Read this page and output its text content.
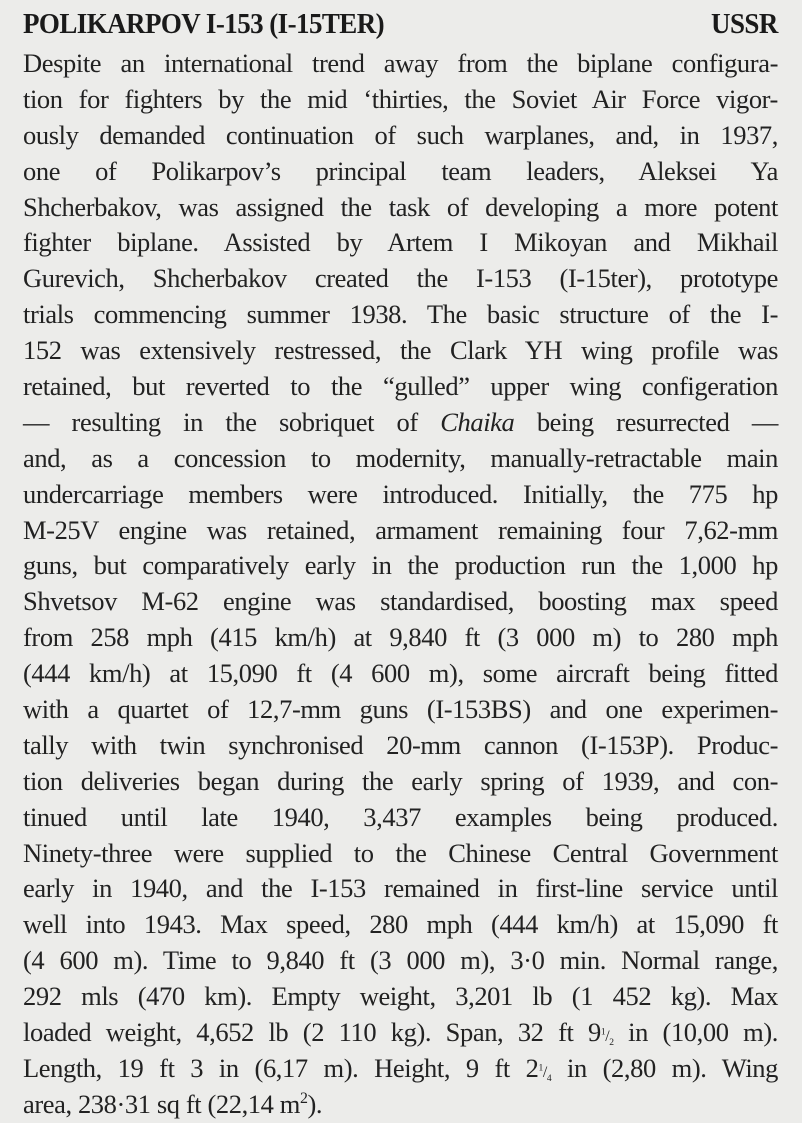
POLIKARPOV I-153 (I-15TER)	USSR
Despite an international trend away from the biplane configura-
tion for fighters by the mid ‘thirties, the Soviet Air Force vigor-
ously demanded continuation of such warplanes, and, in 1937,
one of Polikarpov’s principal team leaders, Aleksei Ya
Shcherbakov, was assigned the task of developing a more potent
fighter biplane. Assisted by Artem I Mikoyan and Mikhail
Gurevich, Shcherbakov created the I-153 (I-15ter), prototype
trials commencing summer 1938. The basic structure of the I-
152 was extensively restressed, the Clark YH wing profile was
retained, but reverted to the “gulled” upper wing configeration
— resulting in the sobriquet of Chaika being resurrected —
and, as a concession to modernity, manually-retractable main
undercarriage members were introduced. Initially, the 775 hp
M-25V engine was retained, armament remaining four 7,62-mm
guns, but comparatively early in the production run the 1,000 hp
Shvetsov M-62 engine was standardised, boosting max speed
from 258 mph (415 km/h) at 9,840 ft (3 000 m) to 280 mph
(444 km/h) at 15,090 ft (4 600 m), some aircraft being fitted
with a quartet of 12,7-mm guns (I-153BS) and one experimen-
tally with twin synchronised 20-mm cannon (I-153P). Produc-
tion deliveries began during the early spring of 1939, and con-
tinued until late 1940, 3,437 examples being produced.
Ninety-three were supplied to the Chinese Central Government
early in 1940, and the I-153 remained in first-line service until
well into 1943. Max speed, 280 mph (444 km/h) at 15,090 ft
(4 600 m). Time to 9,840 ft (3 000 m), 3·0 min. Normal range,
292 mls (470 km). Empty weight, 3,201 lb (1 452 kg). Max
loaded weight, 4,652 lb (2 110 kg). Span, 32 ft $9^1/_2$ in (10,00 m).
Length, 19 ft 3 in (6,17 m). Height, 9 ft $2^1/_4$ in (2,80 m). Wing
area, 238·31 sq ft (22,14 $m^2$).
